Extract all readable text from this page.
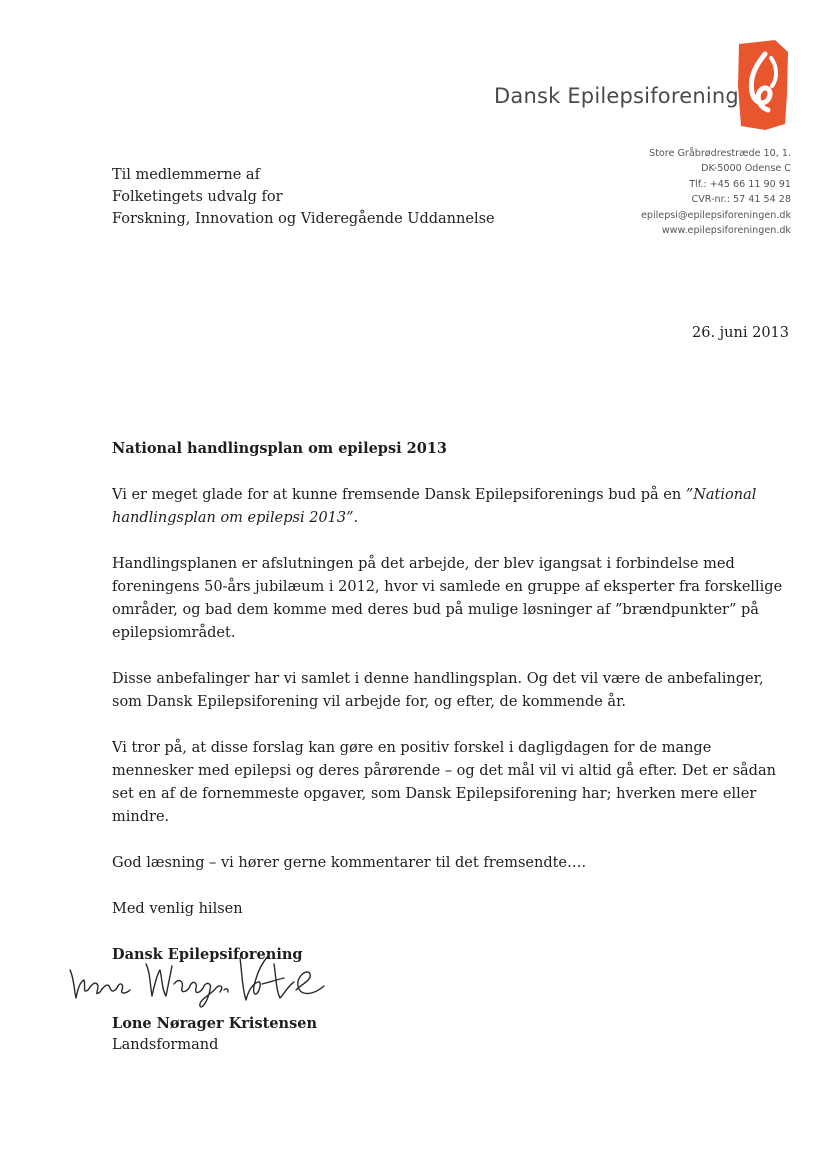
Dansk Epilepsiforening
Store Gråbrødrestræde 10, 1.
DK-5000 Odense C
Tlf.: +45 66 11 90 91
CVR-nr.: 57 41 54 28
epilepsi@epilepsiforeningen.dk
www.epilepsiforeningen.dk
Til medlemmerne af
Folketingets udvalg for
Forskning, Innovation og Videregående Uddannelse
26. juni 2013
National handlingsplan om epilepsi 2013

Vi er meget glade for at kunne fremsende Dansk Epilepsiforenings bud på en ”National handlingsplan om epilepsi 2013”.

Handlingsplanen er afslutningen på det arbejde, der blev igangsat i forbindelse med foreningens 50-års jubilæum i 2012, hvor vi samlede en gruppe af eksperter fra forskellige områder, og bad dem komme med deres bud på mulige løsninger af ”brændpunkter” på epilepsiområdet.

Disse anbefalinger har vi samlet i denne handlingsplan. Og det vil være de anbefalinger, som Dansk Epilepsiforening vil arbejde for, og efter, de kommende år.

Vi tror på, at disse forslag kan gøre en positiv forskel i dagligdagen for de mange mennesker med epilepsi og deres pårørende – og det mål vil vi altid gå efter. Det er sådan set en af de fornemmeste opgaver, som Dansk Epilepsiforening har; hverken mere eller mindre.

God læsning – vi hører gerne kommentarer til det fremsendte….

Med venlig hilsen

Dansk Epilepsiforening

Lone Nørager Kristensen
Landsformand
